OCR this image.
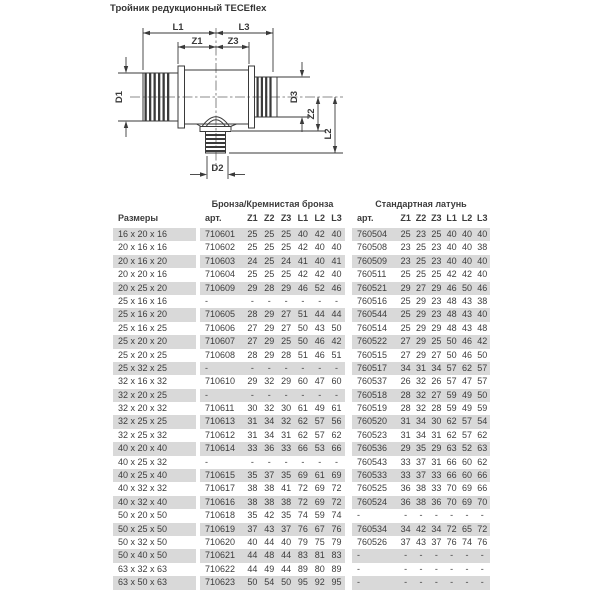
Тройник редукционный TECEflex
L1	L3
Z1	Z3
D1	D3
Z2
L2
D2
Бронза/Кремнистая бронза	Стандартная латунь
Размеры	арт.	Z1 Z2 Z3 L1 L2 L3	арт.	Z1 Z2 Z3 L1 L2 L3
16 x 20 x 16	710601	25 25 25 40 42 40	760504	25 23 25 40 40 40
20 x 16 x 16	710602	25 25 25 42 40 40	760508	23 25 23 40 40 38
20 x 16 x 20	710603	24 25 24 41 40 41	760509	23 25 23 40 40 40
20 x 20 x 16	710604	25 25 25 42 42 40	760511	25 25 25 42 42 40
20 x 25 x 20	710609	29 28 29 46 52 46	760521	29 27 29 46 50 46
25 x 16 x 16	-	-	-	-	-	-	-	760516	25 29 23 48 43 38
25 x 16 x 20	710605	28 29 27 51 44 44	760544	25 29 23 48 43 40
25 x 16 x 25	710606	27 29 27 50 43 50	760514	25 29 29 48 43 48
25 x 20 x 20	710607	27 29 25 50 46 42	760522	27 29 25 50 46 42
25 x 20 x 25	710608	28 29 28 51 46 51	760515	27 29 27 50 46 50
25 x 32 x 25	-	-	-	-	-	-	-	760517	34 31 34 57 62 57
32 x 16 x 32	710610	29 32 29 60 47 60	760537	26 32 26 57 47 57
32 x 20 x 25	-	-	-	-	-	-	-	760518	28 32 27 59 49 50
32 x 20 x 32	710611	30 32 30 61 49 61	760519	28 32 28 59 49 59
32 x 25 x 25	710613	31 34 32 62 57 56	760520	31 34 30 62 57 54
32 x 25 x 32	710612	31 34 31 62 57 62	760523	31 34 31 62 57 62
40 x 20 x 40	710614	33 36 33 66 53 66	760536	29 35 29 63 52 63
40 x 25 x 32	-	-	-	-	-	-	-	760543	33 37 31 66 60 62
40 x 25 x 40	710615	35 37 35 69 61 69	760533	33 37 33 66 60 66
40 x 32 x 32	710617	38 38 41 72 69 72	760525	36 38 33 70 69 66
40 x 32 x 40	710616	38 38 38 72 69 72	760524	36 38 36 70 69 70
50 x 20 x 50	710618	35 42 35 74 59 74	-	-	-	-	-	-	-
50 x 25 x 50	710619	37 43 37 76 67 76	760534	34 42 34 72 65 72
50 x 32 x 50	710620	40 44 40 79 75 79	760526	37 43 37 76 74 76
50 x 40 x 50	710621	44 48 44 83 81 83	-	-	-	-	-	-	-
63 x 32 x 63	710622	44 49 44 89 80 89	-	-	-	-	-	-	-
63 x 50 x 63	710623	50 54 50 95 92 95	-	-	-	-	-	-	-
